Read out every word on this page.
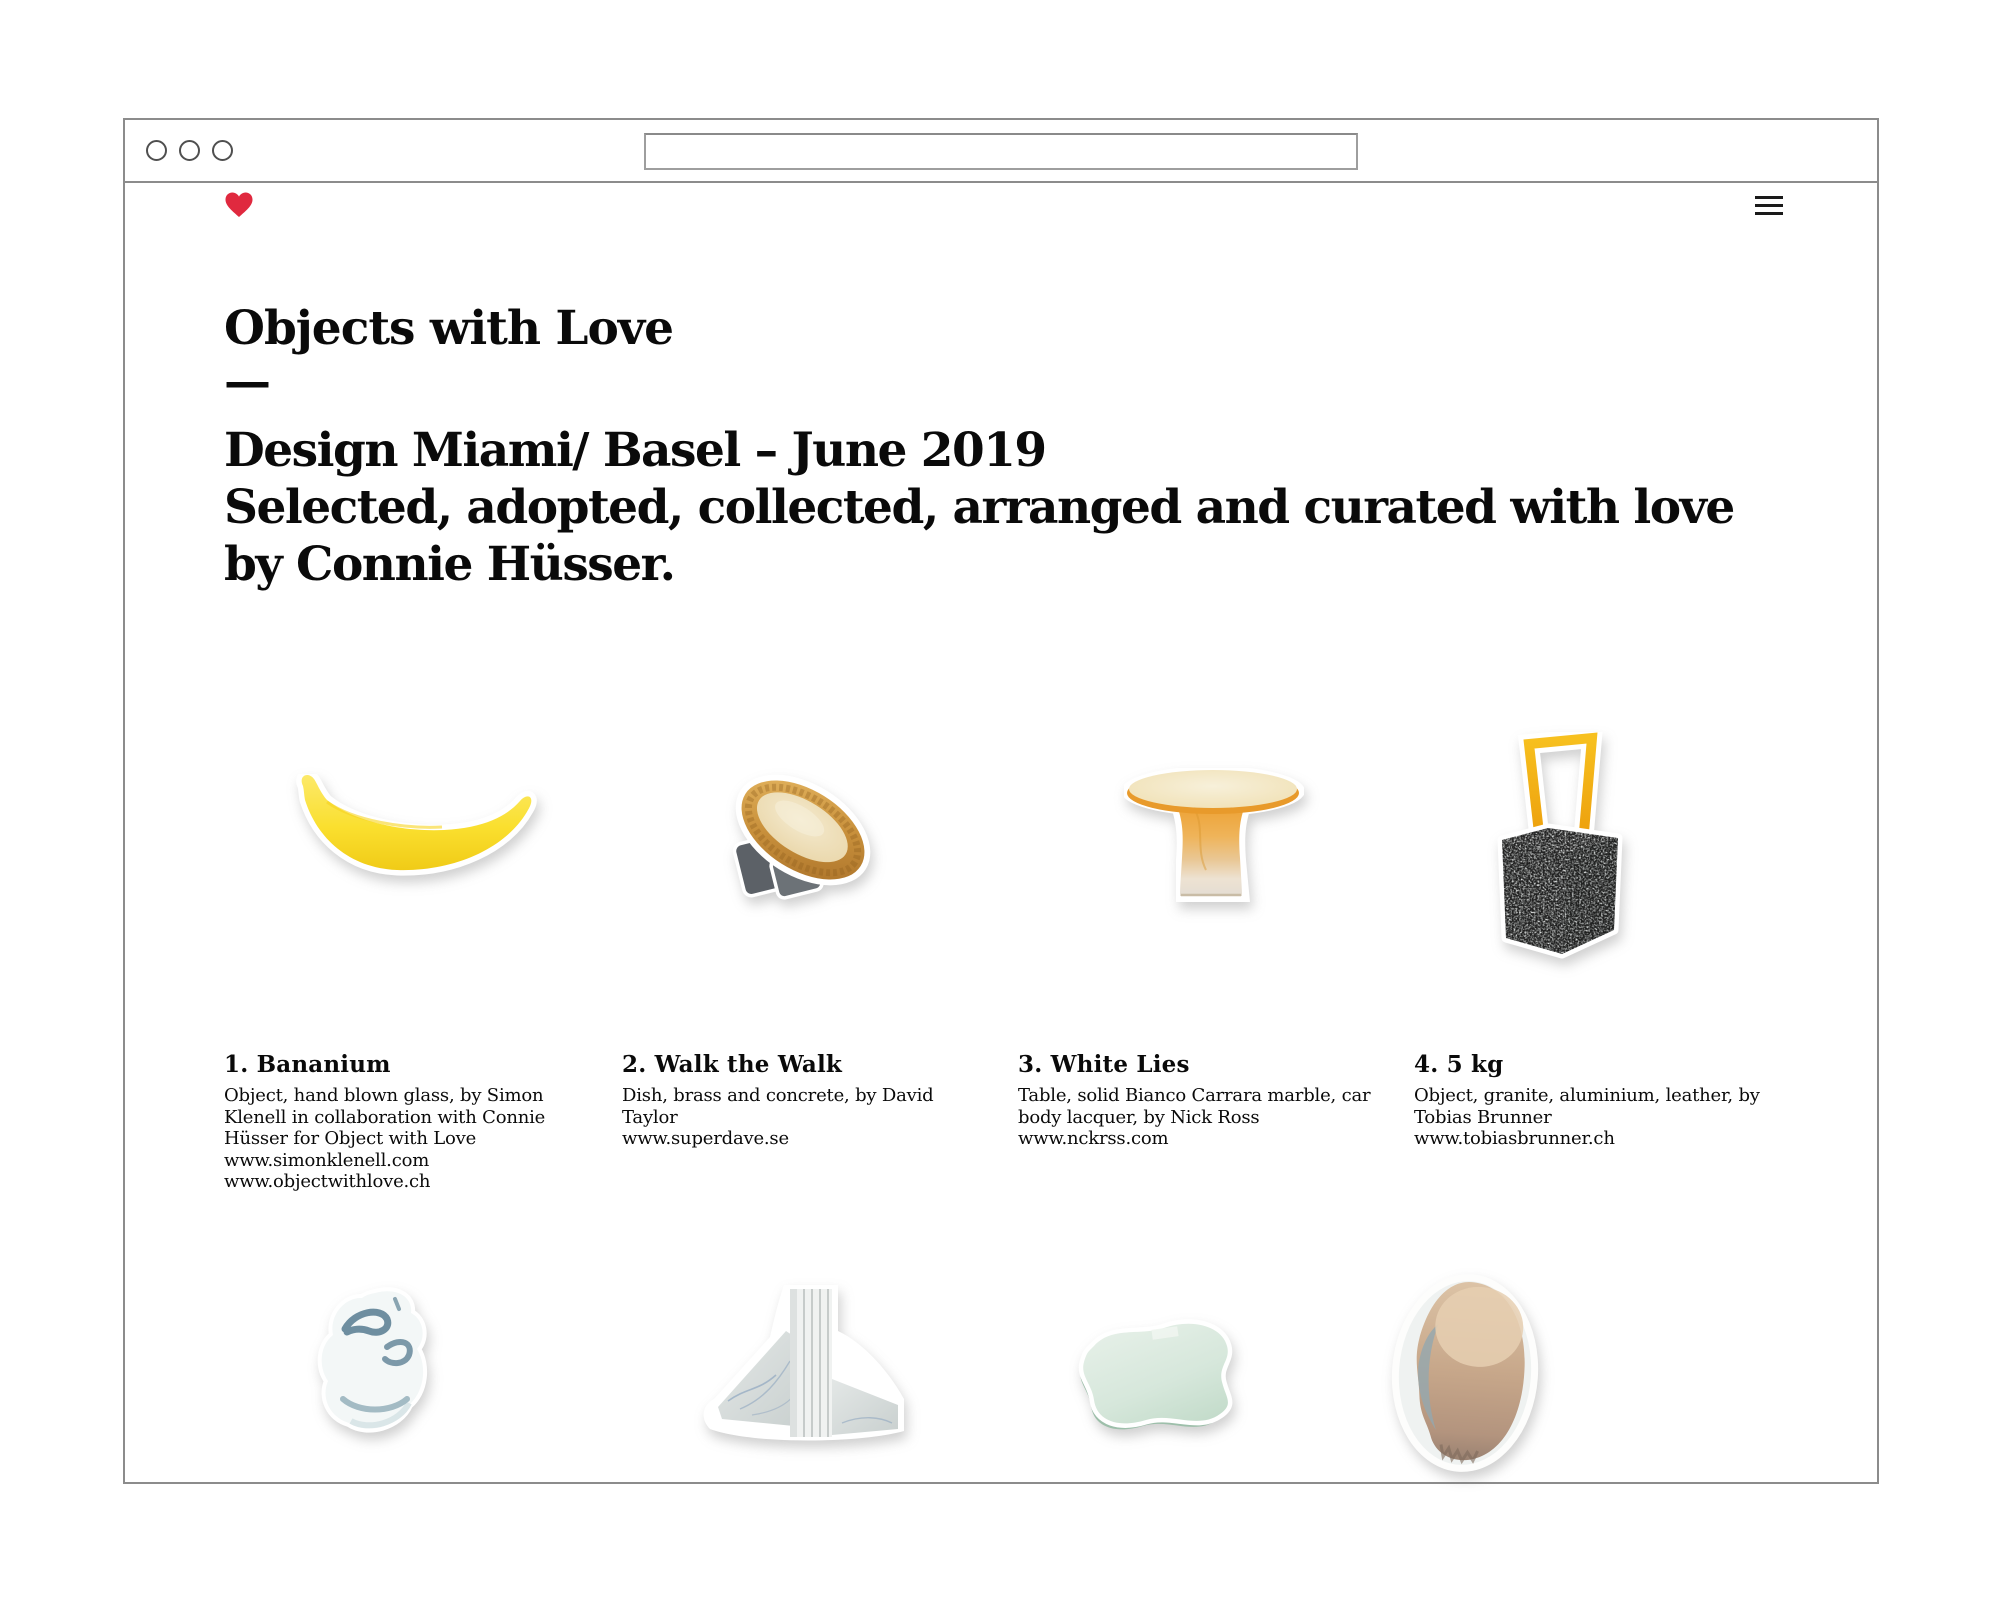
Objects with Love
—
Design Miami/ Basel – June 2019
Selected, adopted, collected, arranged and curated with love
by Connie Hüsser.
1. Bananium

Object, hand blown glass, by Simon Klenell in collaboration with Connie Hüsser for Object with Love

www.simonklenell.com
www.objectwithlove.ch
2. Walk the Walk

Dish, brass and concrete, by David Taylor

www.superdave.se
3. White Lies

Table, solid Bianco Carrara marble, car body lacquer, by Nick Ross

www.nckrss.com
4. 5 kg

Object, granite, aluminium, leather, by Tobias Brunner

www.tobiasbrunner.ch
